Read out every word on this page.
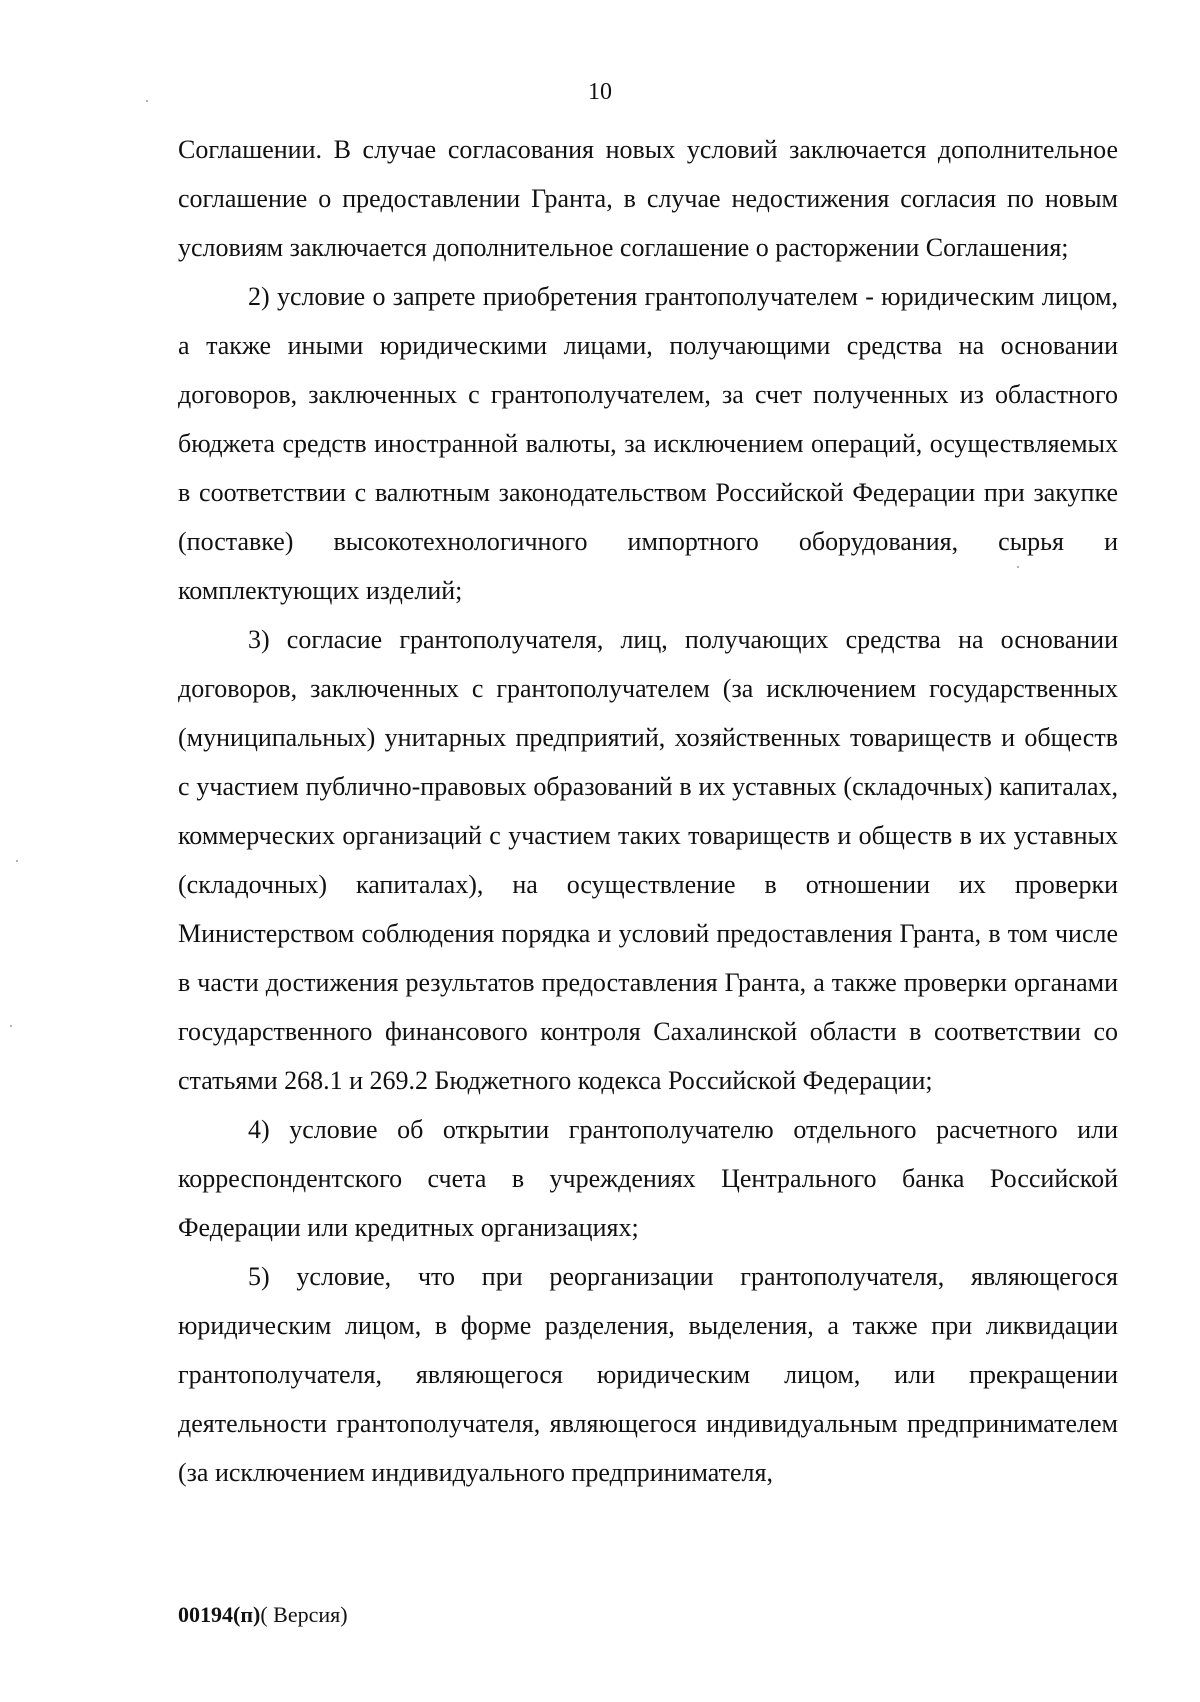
10

Соглашении. В случае согласования новых условий заключается дополнительное соглашение о предоставлении Гранта, в случае недостижения согласия по новым условиям заключается дополнительное соглашение о расторжении Соглашения;

2) условие о запрете приобретения грантополучателем - юридическим лицом, а также иными юридическими лицами, получающими средства на основании договоров, заключенных с грантополучателем, за счет полученных из областного бюджета средств иностранной валюты, за исключением операций, осуществляемых в соответствии с валютным законодательством Российской Федерации при закупке (поставке) высокотехнологичного импортного оборудования, сырья и комплектующих изделий;

3) согласие грантополучателя, лиц, получающих средства на основании договоров, заключенных с грантополучателем (за исключением государственных (муниципальных) унитарных предприятий, хозяйственных товариществ и обществ с участием публично-правовых образований в их уставных (складочных) капиталах, коммерческих организаций с участием таких товариществ и обществ в их уставных (складочных) капиталах), на осуществление в отношении их проверки Министерством соблюдения порядка и условий предоставления Гранта, в том числе в части достижения результатов предоставления Гранта, а также проверки органами государственного финансового контроля Сахалинской области в соответствии со статьями 268.1 и 269.2 Бюджетного кодекса Российской Федерации;

4) условие об открытии грантополучателю отдельного расчетного или корреспондентского счета в учреждениях Центрального банка Российской Федерации или кредитных организациях;

5) условие, что при реорганизации грантополучателя, являющегося юридическим лицом, в форме разделения, выделения, а также при ликвидации грантополучателя, являющегося юридическим лицом, или прекращении деятельности грантополучателя, являющегося индивидуальным предпринимателем (за исключением индивидуального предпринимателя,

00194(п)( Версия)
